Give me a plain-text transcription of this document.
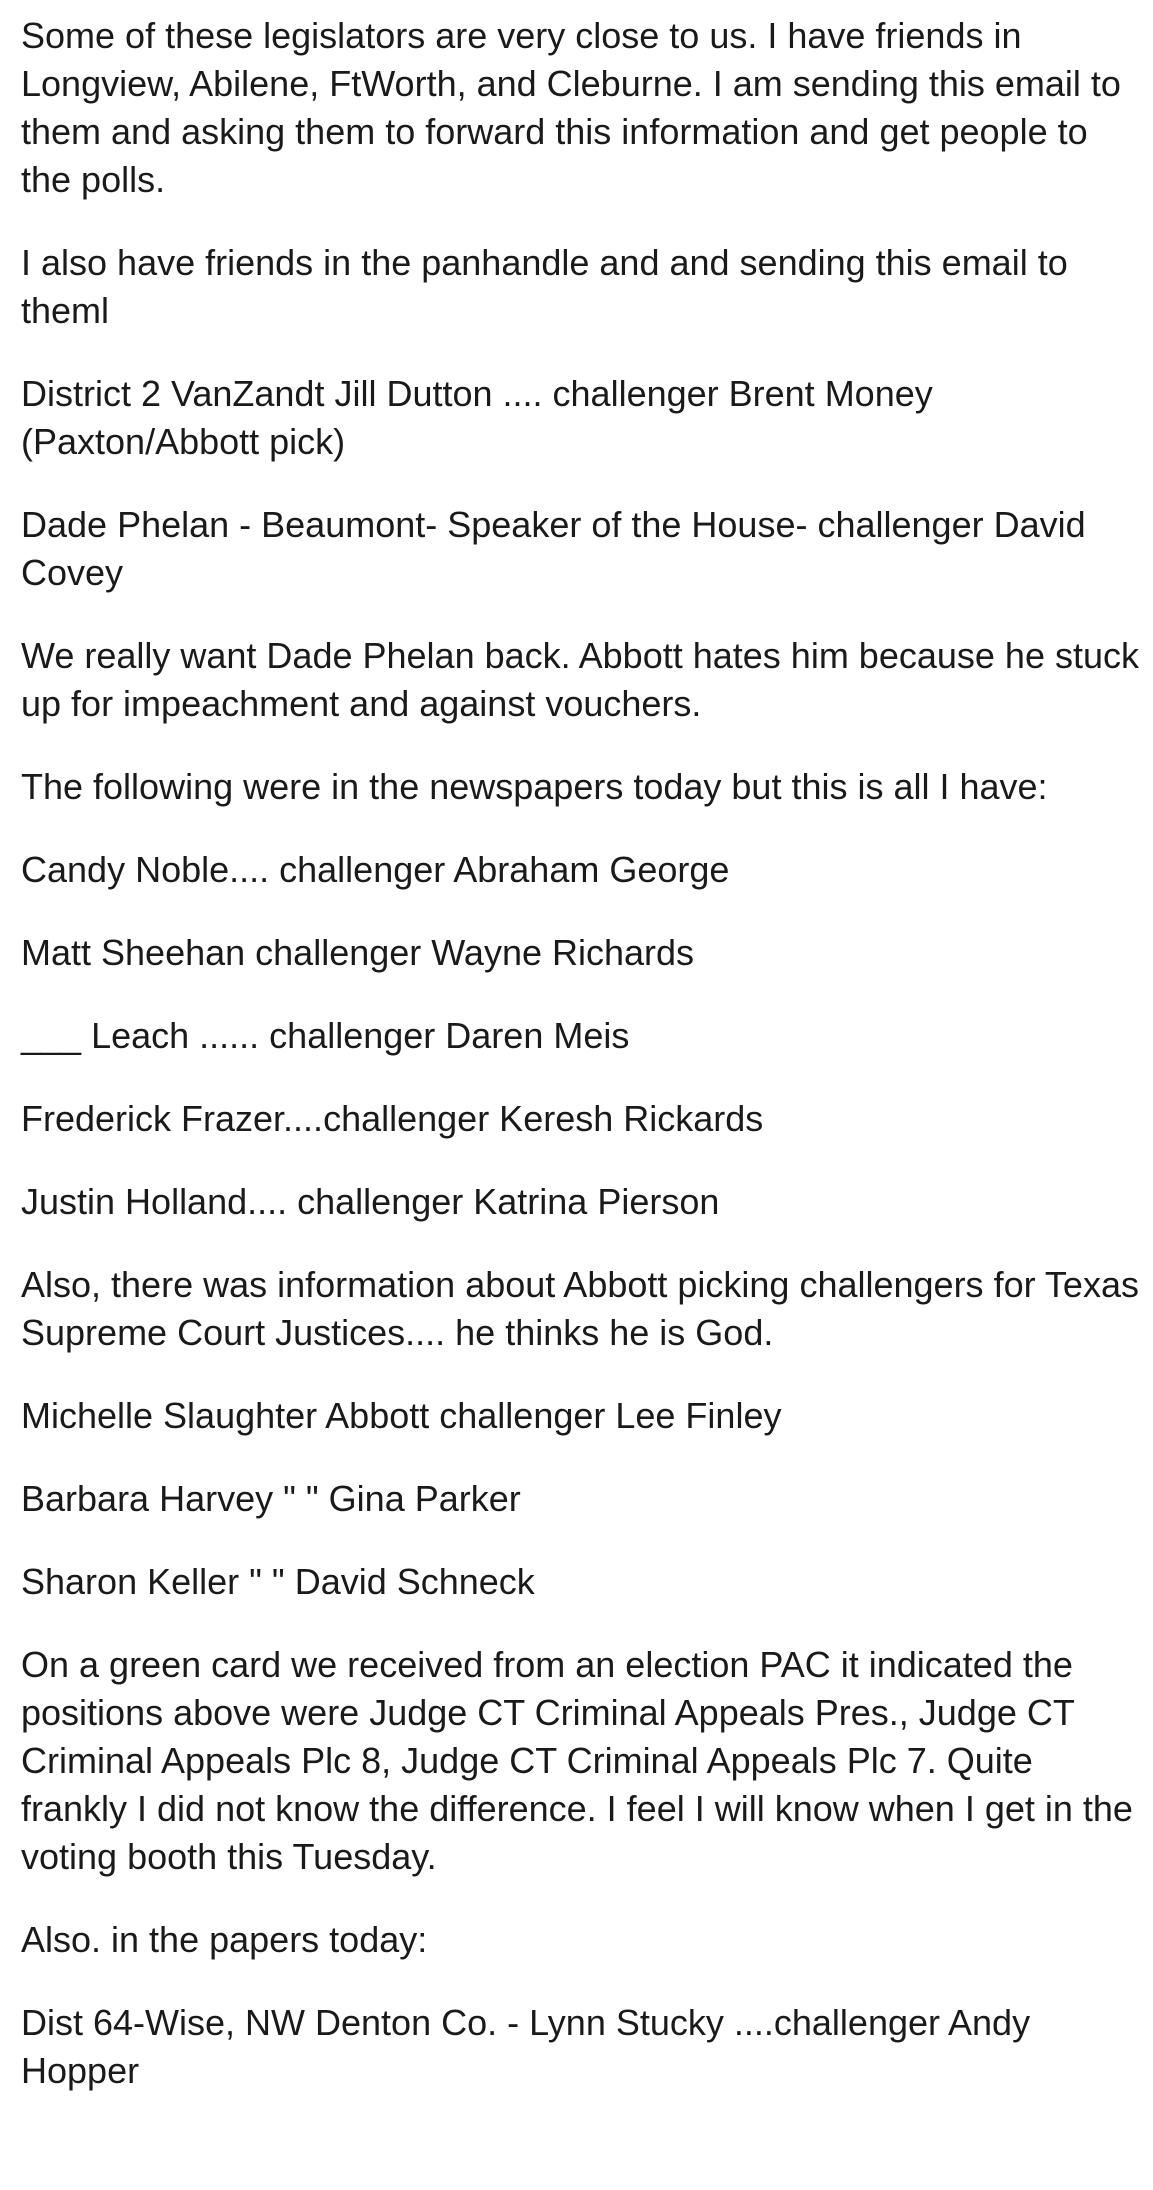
Some of these legislators are very close to us. I have friends in Longview, Abilene, FtWorth, and Cleburne. I am sending this email to them and asking them to forward this information and get people to the polls.

I also have friends in the panhandle and and sending this email to theml

District 2 VanZandt Jill Dutton .... challenger Brent Money (Paxton/Abbott pick)

Dade Phelan - Beaumont- Speaker of the House- challenger David Covey

We really want Dade Phelan back. Abbott hates him because he stuck up for impeachment and against vouchers.

The following were in the newspapers today but this is all I have:

Candy Noble.... challenger Abraham George

Matt Sheehan challenger Wayne Richards

___ Leach ...... challenger Daren Meis

Frederick Frazer....challenger Keresh Rickards

Justin Holland.... challenger Katrina Pierson

Also, there was information about Abbott picking challengers for Texas Supreme Court Justices.... he thinks he is God.

Michelle Slaughter Abbott challenger Lee Finley

Barbara Harvey " " Gina Parker

Sharon Keller " " David Schneck

On a green card we received from an election PAC it indicated the positions above were Judge CT Criminal Appeals Pres., Judge CT Criminal Appeals Plc 8, Judge CT Criminal Appeals Plc 7. Quite frankly I did not know the difference. I feel I will know when I get in the voting booth this Tuesday.

Also. in the papers today:

Dist 64-Wise, NW Denton Co. - Lynn Stucky ....challenger Andy Hopper
